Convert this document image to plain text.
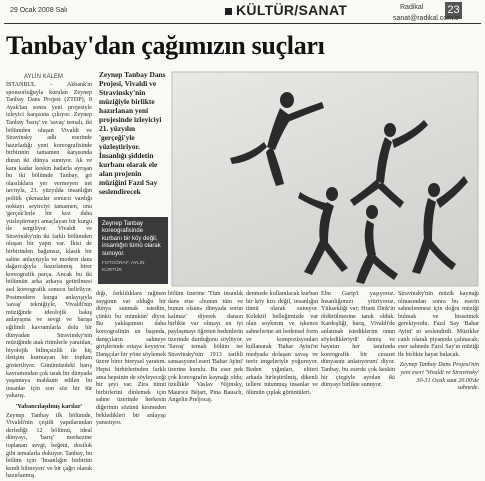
29 Ocak 2008 Salı	KÜLTÜR/SANAT	Radikal 23
sanat@radikal.com.tr
Tanbay'dan çağımızın suçları
AYLİN KALEM

İSTANBUL - Akbank'ın sponsorluğuyla kurulan Zeynep Tanbay Dans Projesi (ZTDP), 8 Ayak'tan sonra yeni projesiyle izleyici karşısına çıkıyor. Zeynep Tanbay 'barış' ve 'savaş' temalı, iki bölümden oluşan Vivaldi ve Stravinsky adlı eserinde hazırladığı yeni koreografisinde birbirinin tamamen karşısında duran iki dünya sunuyor. Ak ve kara kadar keskin hatlarla ayrışan bu iki bölümde Tanbay, gri olasılıklara yer vermeyen net tavrıyla, 21. yüzyılda insanlığın politik çıkmazlar sonucu vardığı noktayı seyirciyi tamamen, onu 'gerçek'lerle bir kez daha yüzleştirmeyi amaçlayan bir kurgu ile sergiliyor. Vivaldi ve Stravinsky'nin iki farklı bölümden oluşan bir yapıt var. İkisi de birbirinden bağımsız, klasik bir sahne anlayışıyla ve modern dans dağarcığıyla hazırlanmış birer koreografik parça. Ancak bu iki bölümün arka arkaya getirilmesi asıl koreografik sonucu belirliyor. Postmodern kurgu anlayışıyla 'savaş' tekniğiyle, Vivaldi'nin müziğinde ideolojik bakış anlayışına ve sevgi ve barışa eğilimli kavramlarla dolu bir dünyadan Stravinsky'nin müziğinde atak ritimlerle yaratılan, biyolojik bilinçsizlik ile hiç iletişim kurmayan bir toplum gösteriliyor. Günümüzdeki barış kavramından çok uzak bir dünyada yaşamaya mahkum edilen bu insanlar için son söz bir tür yakarış.

'Yabancılaşılmış karılar'

Zeynep Tanbay ilk bölümde, Vivaldi'nin çeşitli yapıtlarından derlediği 12 bölümü, ideal dünyayı, 'barış' merkezine toplanan sevgi, beğeni, dostluk gibi temalarla dokuyor. Tanbay, bu bölüm için 'İnsanlığın birbirini kendi bilmeyen' ve bir çağrı olarak hazırlanmış.

Zeynep Tanbay Dans Projesi, Vivaldi ve Stravinsky'nin müziğiyle birlikte hazırlanan yeni projesinde izleyiciyi 21. yüzyılın 'gerçeği'yle yüzleştiriyor. İnsanlığı şiddetin kurbanı olarak ele alan projenin müziğini Fazıl Say seslendirecek
Zeynep Tanbay koreografisinde kurbanı bir köy değil, insanlığın tümü olarak sunuyor.
FOTOĞRAF: AYLİN KÜRTÜR

dığı, farklılıklara rağmen saygının var olduğu bir dünya sunmak istedim, çünkü bu mümkün' diyor. Bu yaklaşımını daha koreografinin en başında, danşçıların sahneye girişlerinde ortaya koyuyor. Danşçılar bir yöne söylemek üzere birer bireysel yaratım. Hepsi birbirlerinden farklı ama hepsinin de söyleyeceği bir şeyi var. Zira tümü birbirlerini dinlemek için sahne üzerinde herkesin diğerinin sözünü kesmeden bekledikleri bir anlayışı yansıtıyor.

bölüm üzerine 'Tüm insanlık dans etse «bunun tüm ve bunun olsun» dünyada sorun kalmaz' diyerek dansın birlikte var olmayı en iyi paylaşmayı öğreten bedenlerin üzerinde durduğunu söylüyor. 'Savaş' temalı bölüm ise Stravinsky'nin 1913 tarihli sansasyonel eseri 'Bahar Ayini' üzerine kurulu. Bu eser pek çok koreografın kaynağı oldu; özellikle Vaslav Nijinsky, Maurice Béjart, Pina Bausch, Angelin Preljocaj.

denmede kullanılacak kurban bir köy kızı değil, insanlığın tümü olarak sunuyor. Kolektif belleğimizde var olan soykırım ve işkence sahnelerine ait bedensel form ve kompozisyonları kullanarak 'Bahar Ayini'ni medyada dolaşan savaş ve terör imgeleriyle yoğuruyor. Beden yığınları, eliteri arkada birleştirilmiş, dikenli tellere tutunmuş insanlar ve ölümün çıplak görüntüleri.

Ebu Garip'i yaşıyoruz. İnsanlığımızı yitiriyoruz. Yüksekliği var; Hrant Dink'in öldürülmesine tanık olduk. Kardeşliği, barış, Vivaldi'de anlatmak istediklerim onun söyledikleriydi' demiş ve hayatın her tarafında koreografik bir cesaret dünyasını anlatıyorum' diyor. Tanbay, bu eserde çok keskin bir çizgiyle ayrılan iki dünyayı birlikte sunuyor.

Stravinsky'nin müzik kaynağı olmasından sonra bu eserin sahnelenmesi için doğru müziği bulmak ve hissetmek gerekiyordu. Fazıl Say 'Bahar Ayini' ni seslendirdi. Müzikler canlı olarak piyanoda çalınacak; eser sahnede Fazıl Say'ın müziği ile birlikte hayat bulacak.

Zeynep Tanbay Dans Projesi'nin yeni eseri 'Vivaldi ve Stravinsky' 30-31 Ocak saat 20.00'de sahnede.
